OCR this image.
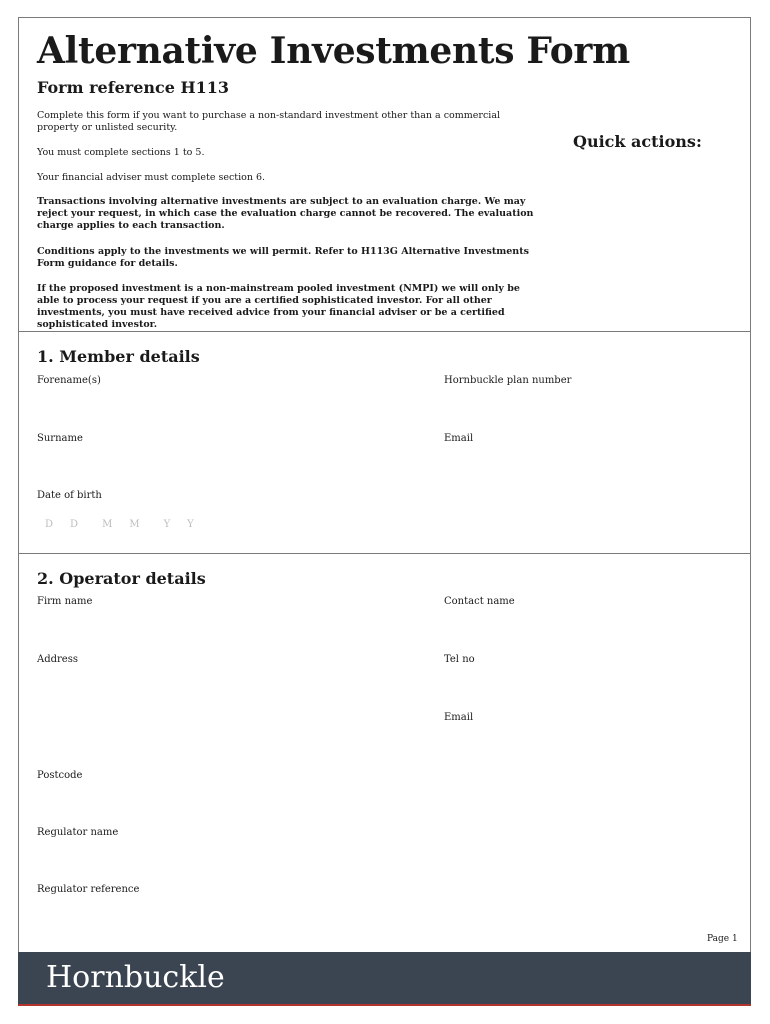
Alternative Investments Form
Form reference H113

Complete this form if you want to purchase a non-standard investment other than a commercial property or unlisted security.

You must complete sections 1 to 5.

Your financial adviser must complete section 6.

Transactions involving alternative investments are subject to an evaluation charge. We may reject your request, in which case the evaluation charge cannot be recovered. The evaluation charge applies to each transaction.

Conditions apply to the investments we will permit. Refer to H113G Alternative Investments Form guidance for details.

If the proposed investment is a non-mainstream pooled investment (NMPI) we will only be able to process your request if you are a certified sophisticated investor. For all other investments, you must have received advice from your financial adviser or be a certified sophisticated investor.

Quick actions:
1. Member details
Forename(s)	Hornbuckle plan number
Surname	Email
Date of birth
D D M M Y Y
2. Operator details
Firm name	Contact name
Address	Tel no
Email
Postcode
Regulator name
Regulator reference
Page 1
Hornbuckle
